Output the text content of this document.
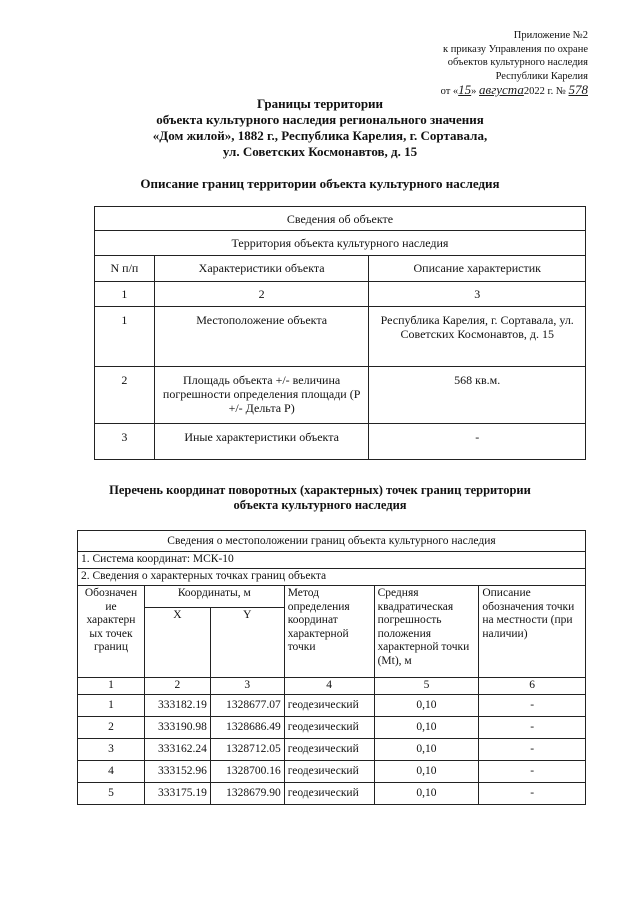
Приложение №2
к приказу Управления по охране
объектов культурного наследия
Республики Карелия
от «15» августа2022 г. № 578
Границы территории
объекта культурного наследия регионального значения
«Дом жилой», 1882 г., Республика Карелия, г. Сортавала,
ул. Советских Космонавтов, д. 15
Описание границ территории объекта культурного наследия
Сведения об объекте		
Территория объекта культурного наследия		
N п/п	Характеристики объекта	Описание характеристик
1	2	3
1	Местоположение объекта	Республика Карелия, г. Сортавала, ул. Советских Космонавтов, д. 15
2	Площадь объекта +/- величина погрешности определения площади (Р +/- Дельта Р)	568 кв.м.
3	Иные характеристики объекта	-
Перечень координат поворотных (характерных) точек границ территории
объекта культурного наследия
Сведения о местоположении границ объекта культурного наследия					
1. Система координат: МСК-10					
2. Сведения о характерных точках границ объекта					
Обозначен ие характерн ых точек границ	Координаты, м		Метод определения координат характерной точки	Средняя квадратическая погрешность положения характерной точки (Mt), м	Описание обозначения точки на местности (при наличии)
	X	Y			
1	2	3	4	5	6
1	333182.19	1328677.07	геодезический	0,10	-
2	333190.98	1328686.49	геодезический	0,10	-
3	333162.24	1328712.05	геодезический	0,10	-
4	333152.96	1328700.16	геодезический	0,10	-
5	333175.19	1328679.90	геодезический	0,10	-
